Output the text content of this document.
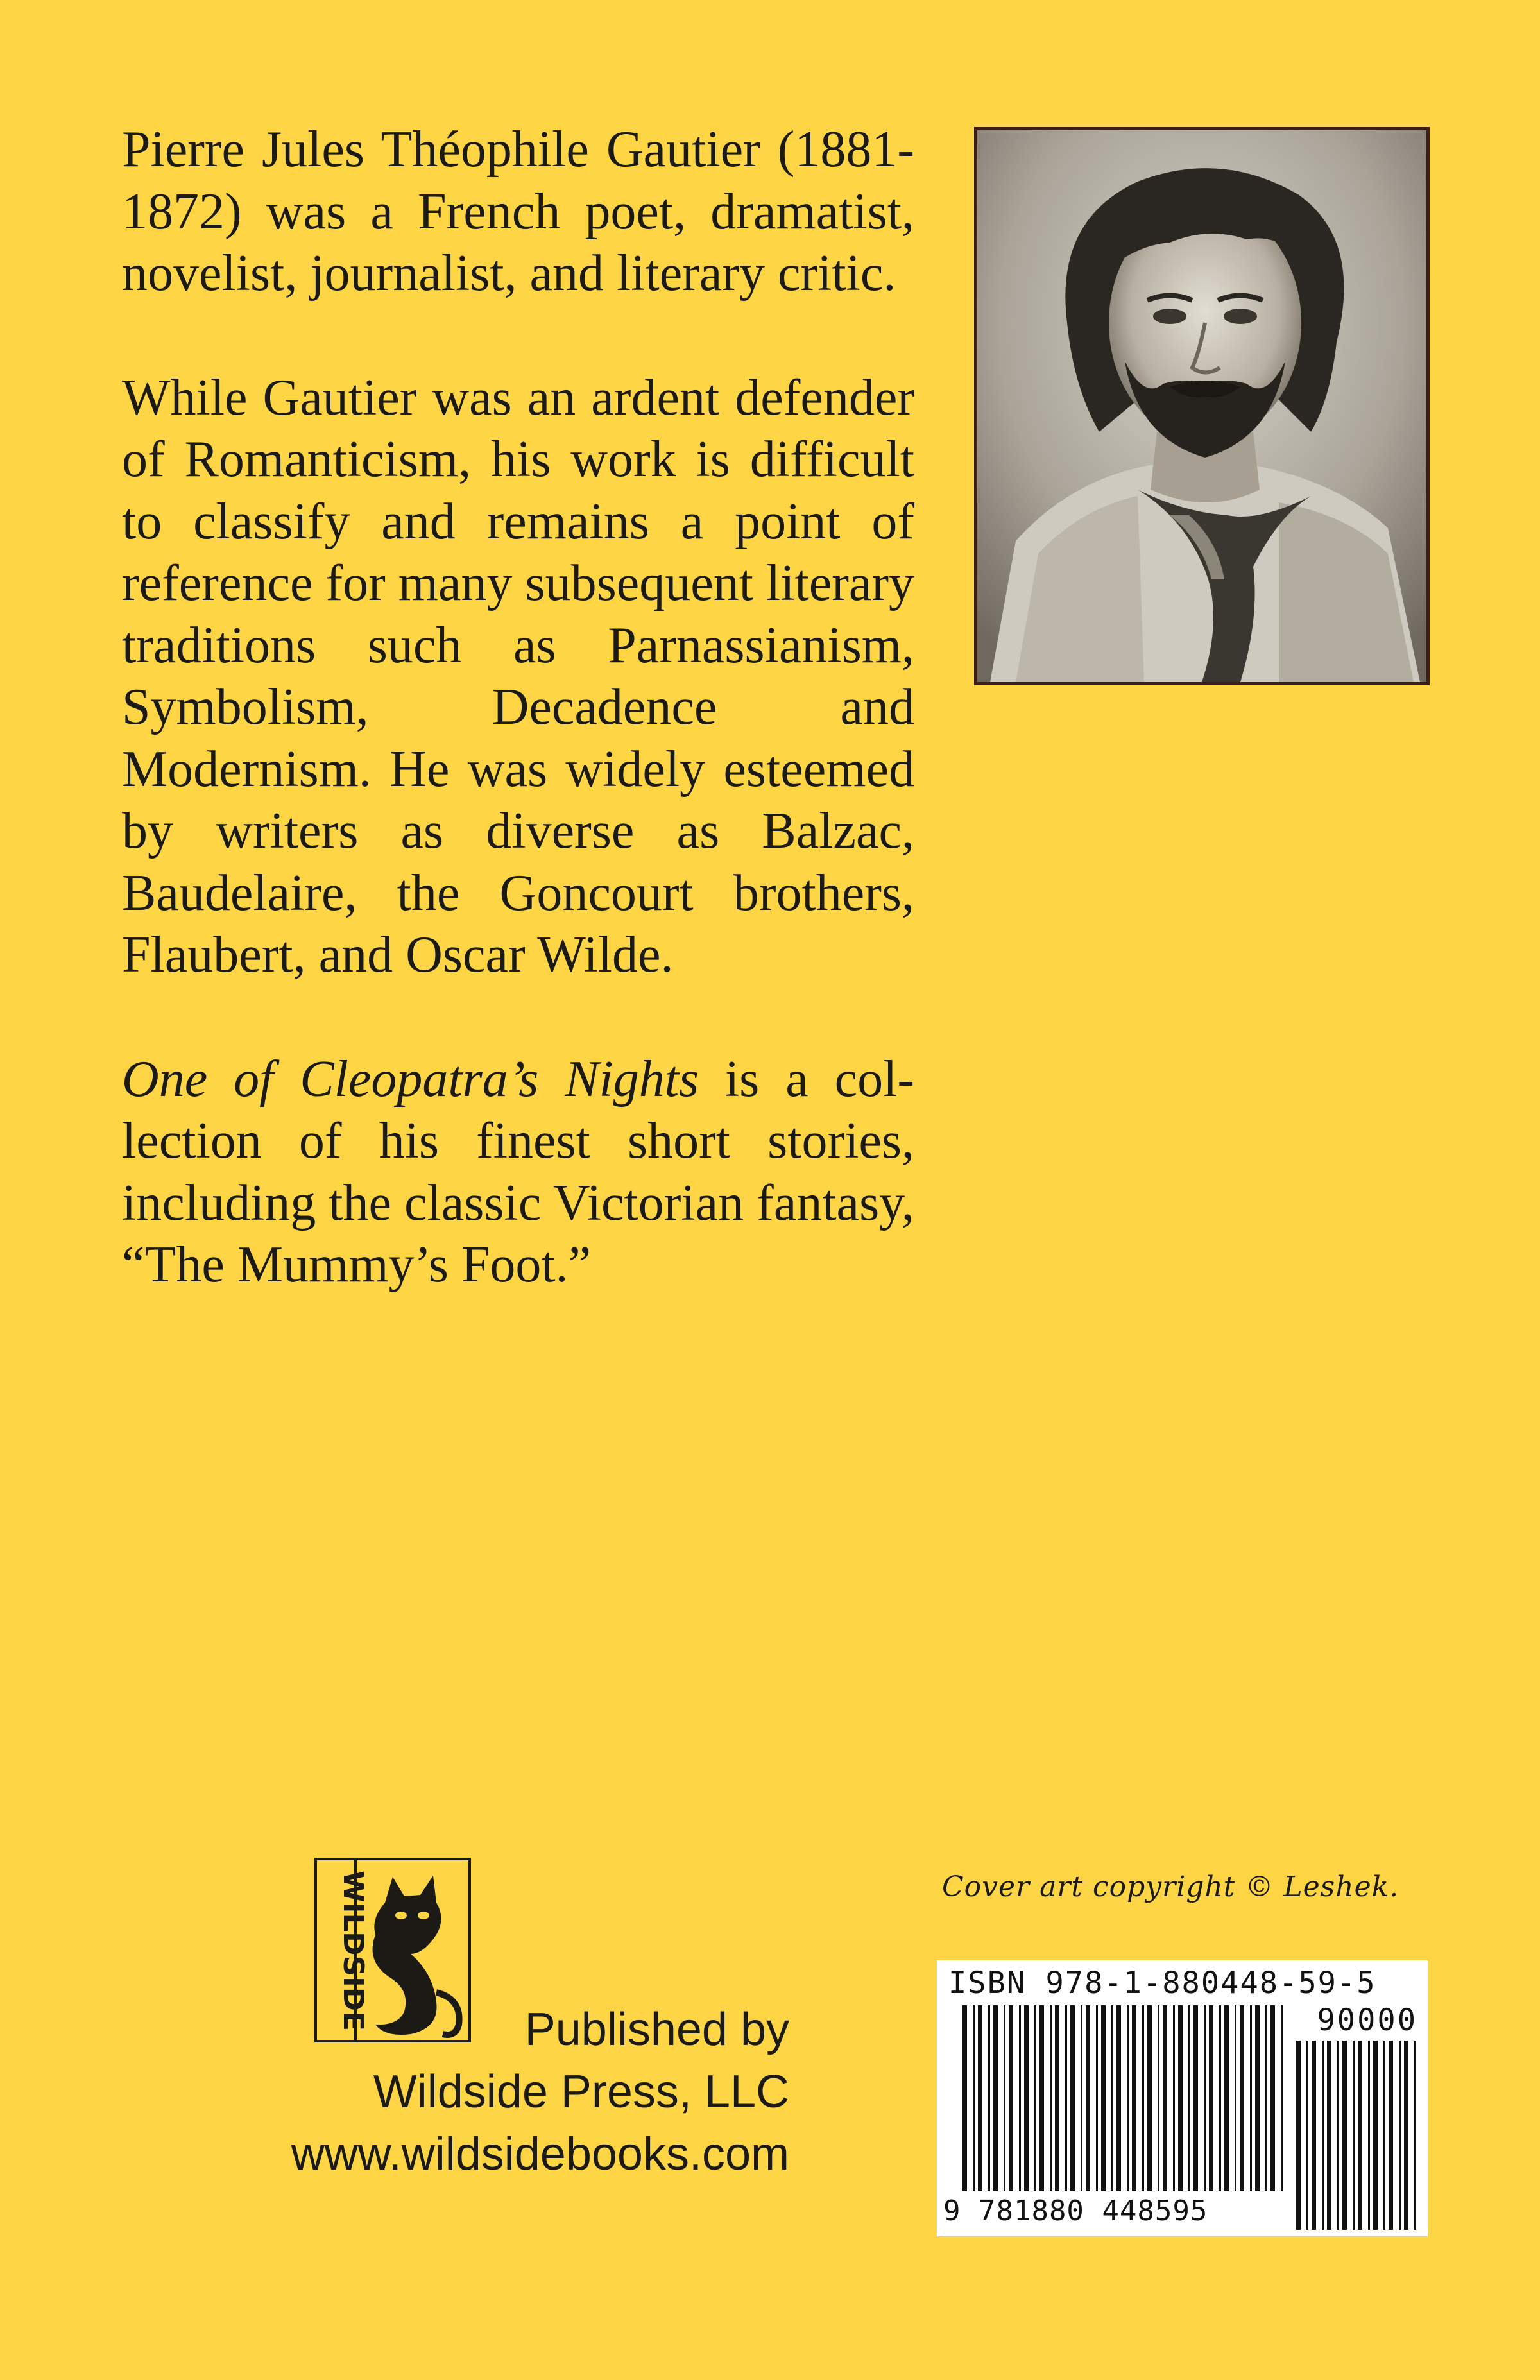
Pierre Jules Théophile Gautier (1881-1872) was a French poet, dramatist, novelist, journalist, and literary critic.

While Gautier was an ardent defender of Romanticism, his work is difficult to classify and remains a point of reference for many subsequent literary traditions such as Parnassianism, Symbolism, Decadence and Modernism. He was widely esteemed by writers as diverse as Balzac, Baudelaire, the Goncourt brothers, Flaubert, and Oscar Wilde.

One of Cleopatra’s Nights is a collection of his finest short stories, including the classic Victorian fantasy, “The Mummy’s Foot.”

Cover art copyright © Leshek.
ISBN 978-1-880448-59-5
90000
9 781880 448595
WILDSIDE
Published by
Wildside Press, LLC
www.wildsidebooks.com
